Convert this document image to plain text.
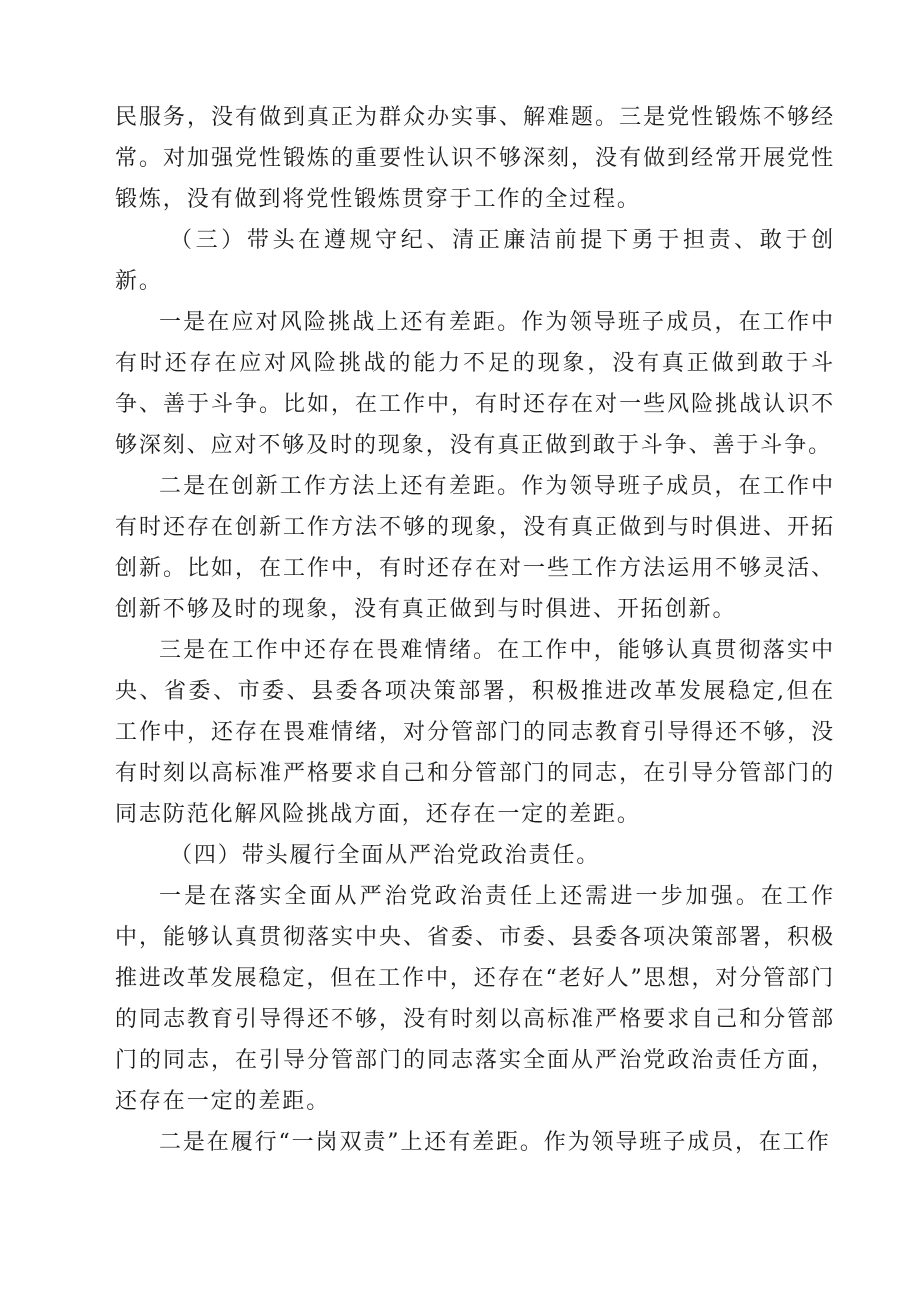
民服务，没有做到真正为群众办实事、解难题。三是党性锻炼不够经常。对加强党性锻炼的重要性认识不够深刻，没有做到经常开展党性锻炼，没有做到将党性锻炼贯穿于工作的全过程。

（三）带头在遵规守纪、清正廉洁前提下勇于担责、敢于创新。

一是在应对风险挑战上还有差距。作为领导班子成员，在工作中有时还存在应对风险挑战的能力不足的现象，没有真正做到敢于斗争、善于斗争。比如，在工作中，有时还存在对一些风险挑战认识不够深刻、应对不够及时的现象，没有真正做到敢于斗争、善于斗争。

二是在创新工作方法上还有差距。作为领导班子成员，在工作中有时还存在创新工作方法不够的现象，没有真正做到与时俱进、开拓创新。比如，在工作中，有时还存在对一些工作方法运用不够灵活、创新不够及时的现象，没有真正做到与时俱进、开拓创新。

三是在工作中还存在畏难情绪。在工作中，能够认真贯彻落实中央、省委、市委、县委各项决策部署，积极推进改革发展稳定,但在工作中，还存在畏难情绪，对分管部门的同志教育引导得还不够，没有时刻以高标准严格要求自己和分管部门的同志，在引导分管部门的同志防范化解风险挑战方面，还存在一定的差距。

（四）带头履行全面从严治党政治责任。

一是在落实全面从严治党政治责任上还需进一步加强。在工作中，能够认真贯彻落实中央、省委、市委、县委各项决策部署，积极推进改革发展稳定，但在工作中，还存在“老好人”思想，对分管部门的同志教育引导得还不够，没有时刻以高标准严格要求自己和分管部门的同志，在引导分管部门的同志落实全面从严治党政治责任方面，还存在一定的差距。

二是在履行“一岗双责”上还有差距。作为领导班子成员，在工作
